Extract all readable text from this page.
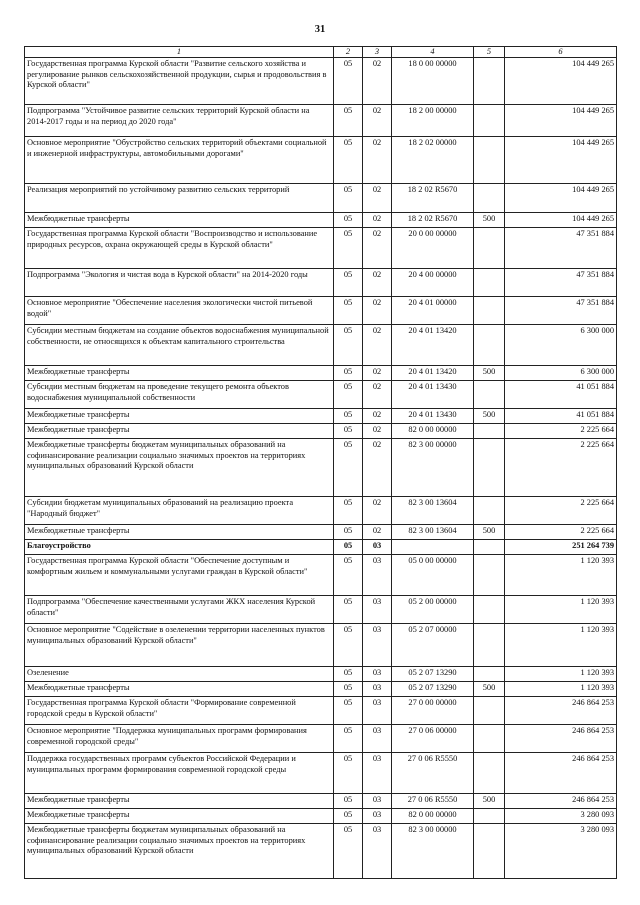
31
1	2	3	4	5	6
Государственная программа Курской области "Развитие сельского хозяйства и регулирование рынков сельскохозяйственной продукции, сырья и продовольствия в Курской области"	05	02	18 0 00 00000		104 449 265
Подпрограмма "Устойчивое развитие сельских территорий Курской области на 2014-2017 годы и на период до 2020 года"	05	02	18 2 00 00000		104 449 265
Основное мероприятие "Обустройство сельских территорий объектами социальной и инженерной инфраструктуры, автомобильными дорогами"	05	02	18 2 02 00000		104 449 265
Реализация мероприятий по устойчивому развитию сельских территорий	05	02	18 2 02 R5670		104 449 265
Межбюджетные трансферты	05	02	18 2 02 R5670	500	104 449 265
Государственная программа Курской области "Воспроизводство и использование природных ресурсов, охрана окружающей среды в Курской области"	05	02	20 0 00 00000		47 351 884
Подпрограмма "Экология и чистая вода в Курской области" на 2014-2020 годы	05	02	20 4 00 00000		47 351 884
Основное мероприятие "Обеспечение населения экологически чистой питьевой водой"	05	02	20 4 01 00000		47 351 884
Субсидии местным бюджетам на создание объектов водоснабжения муниципальной собственности, не относящихся к объектам капитального строительства	05	02	20 4 01 13420		6 300 000
Межбюджетные трансферты	05	02	20 4 01 13420	500	6 300 000
Субсидии местным бюджетам на проведение текущего ремонта объектов водоснабжения муниципальной собственности	05	02	20 4 01 13430		41 051 884
Межбюджетные трансферты	05	02	20 4 01 13430	500	41 051 884
Межбюджетные трансферты	05	02	82 0 00 00000		2 225 664
Межбюджетные трансферты бюджетам муниципальных образований на софинансирование реализации социально значимых проектов на территориях муниципальных образований Курской области	05	02	82 3 00 00000		2 225 664
Субсидии бюджетам муниципальных образований на реализацию проекта "Народный бюджет"	05	02	82 3 00 13604		2 225 664
Межбюджетные трансферты	05	02	82 3 00 13604	500	2 225 664
Благоустройство	05	03			251 264 739
Государственная программа Курской области "Обеспечение доступным и комфортным жильем и коммунальными услугами граждан в Курской области"	05	03	05 0 00 00000		1 120 393
Подпрограмма "Обеспечение качественными услугами ЖКХ населения Курской области"	05	03	05 2 00 00000		1 120 393
Основное мероприятие "Содействие в озеленении территории населенных пунктов муниципальных образований Курской области"	05	03	05 2 07 00000		1 120 393
Озеленение	05	03	05 2 07 13290		1 120 393
Межбюджетные трансферты	05	03	05 2 07 13290	500	1 120 393
Государственная программа Курской области "Формирование современной городской среды в Курской области"	05	03	27 0 00 00000		246 864 253
Основное мероприятие "Поддержка муниципальных программ формирования современной городской среды"	05	03	27 0 06 00000		246 864 253
Поддержка государственных программ субъектов Российской Федерации и муниципальных программ формирования современной городской среды	05	03	27 0 06 R5550		246 864 253
Межбюджетные трансферты	05	03	27 0 06 R5550	500	246 864 253
Межбюджетные трансферты	05	03	82 0 00 00000		3 280 093
Межбюджетные трансферты бюджетам муниципальных образований на софинансирование реализации социально значимых проектов на территориях муниципальных образований Курской области	05	03	82 3 00 00000		3 280 093
